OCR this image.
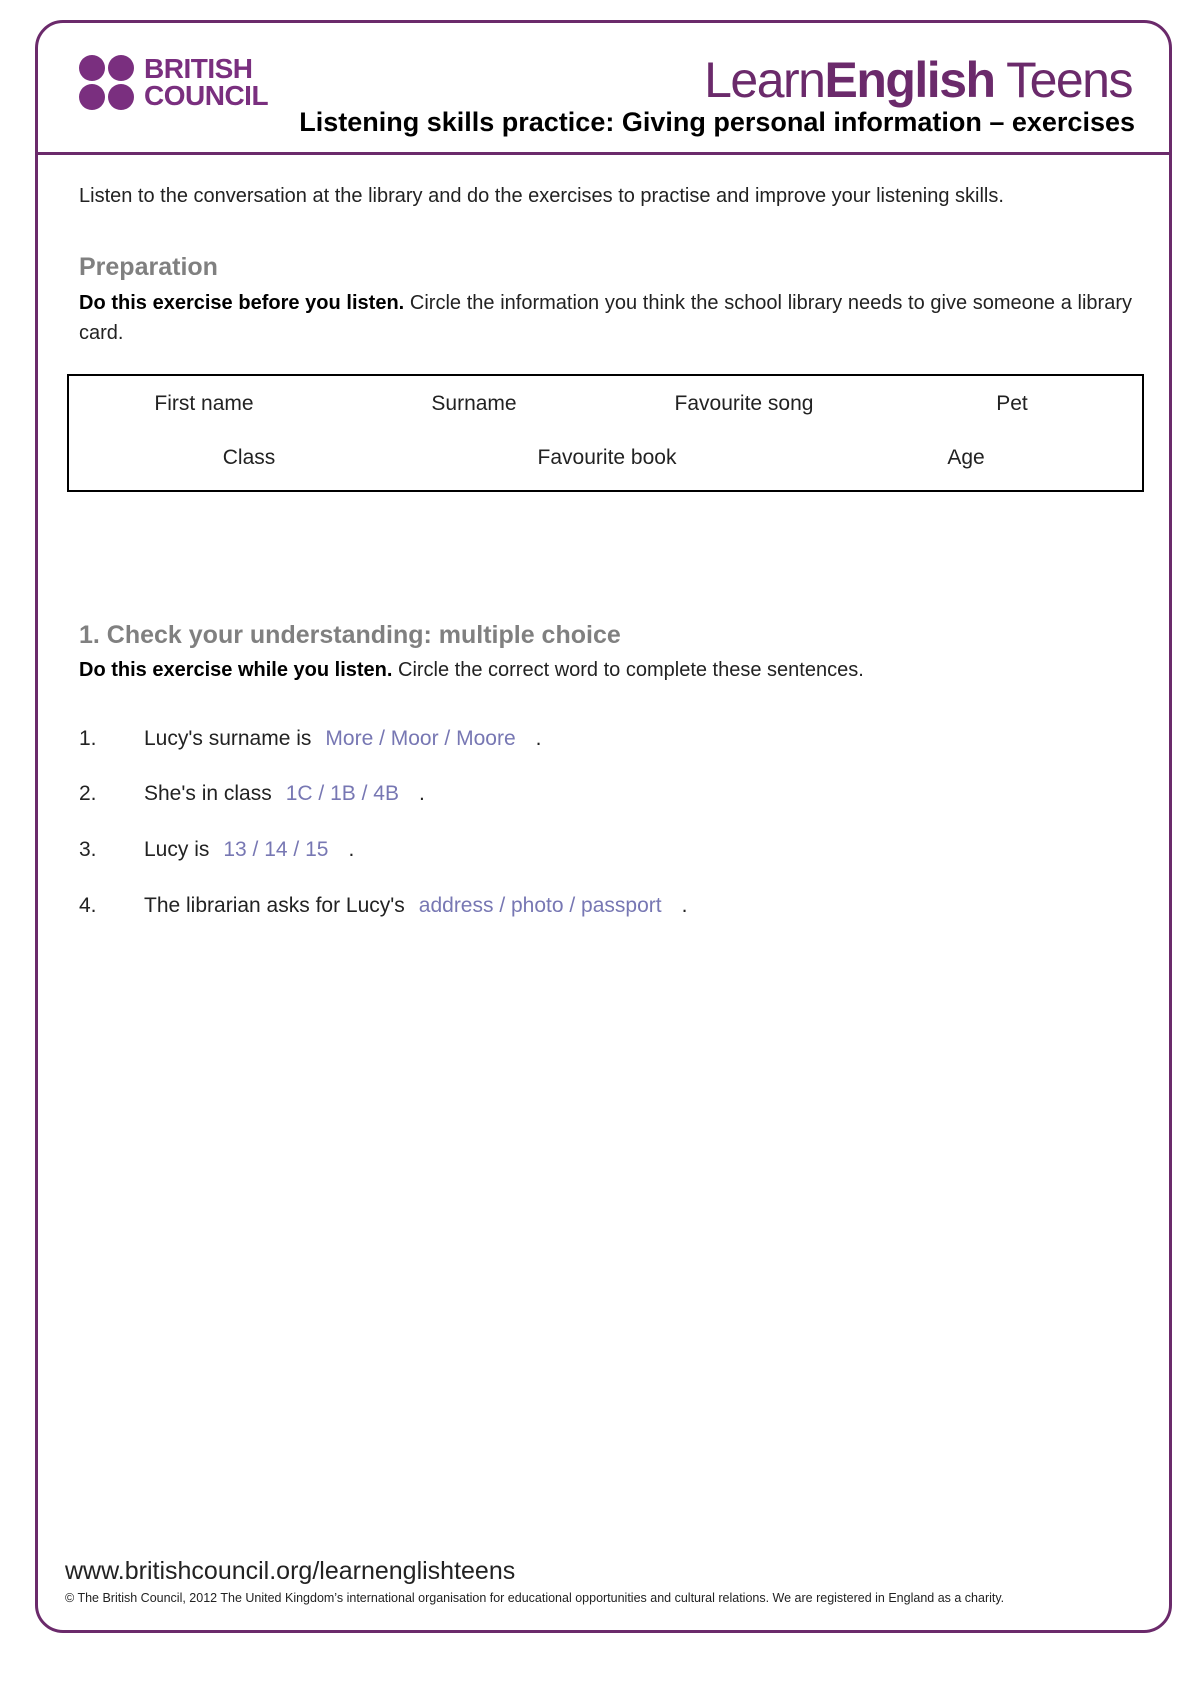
BRITISH
COUNCIL	LearnEnglish Teens
Listening skills practice: Giving personal information – exercises
Listen to the conversation at the library and do the exercises to practise and improve your listening skills.
Preparation
Do this exercise before you listen. Circle the information you think the school library needs to give someone a library card.
First name	Surname	Favourite song	Pet
Class	Favourite book	Age
1. Check your understanding: multiple choice
Do this exercise while you listen. Circle the correct word to complete these sentences.
1. Lucy's surname is More / Moor / Moore .
2. She's in class 1C / 1B / 4B .
3. Lucy is 13 / 14 / 15 .
4. The librarian asks for Lucy's address / photo / passport .
www.britishcouncil.org/learnenglishteens
© The British Council, 2012 The United Kingdom’s international organisation for educational opportunities and cultural relations. We are registered in England as a charity.
